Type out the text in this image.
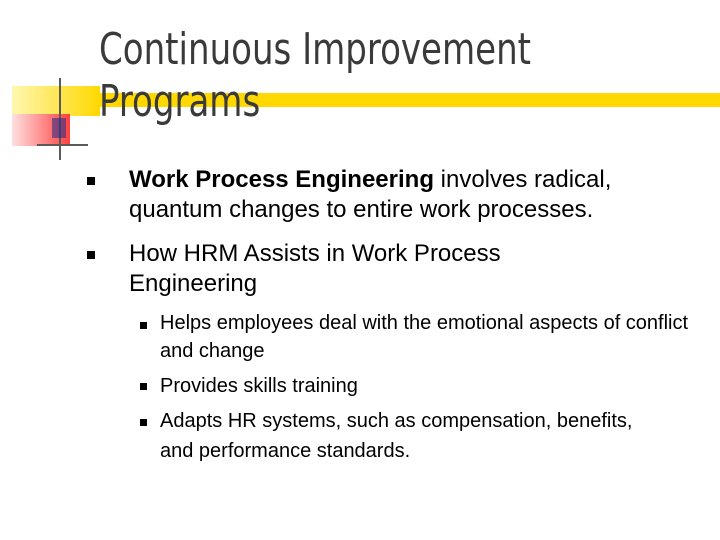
Continuous Improvement Programs
Work Process Engineering involves radical, quantum changes to entire work processes.
How HRM Assists in Work Process Engineering
Helps employees deal with the emotional aspects of conflict and change
Provides skills training
Adapts HR systems, such as compensation, benefits, and performance standards.
